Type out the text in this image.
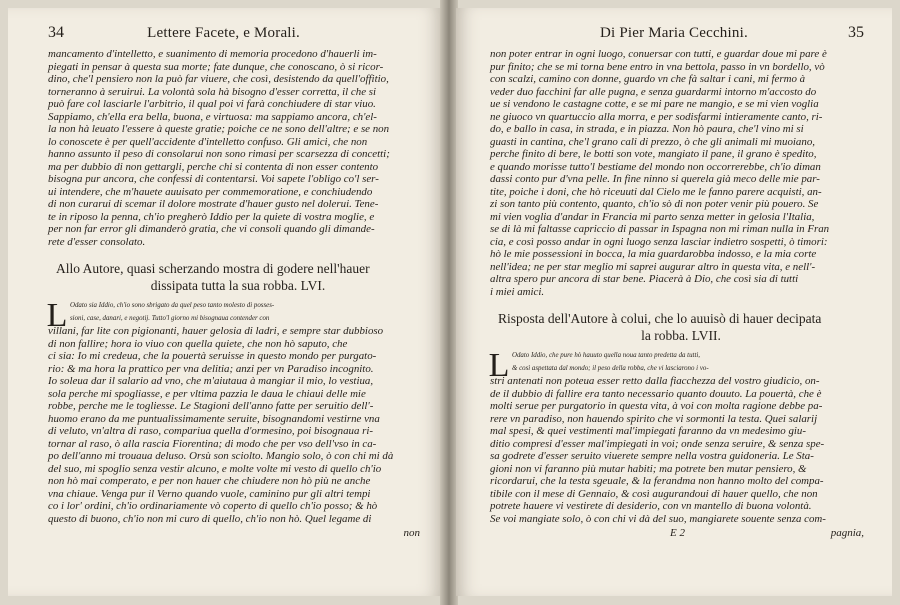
34	Lettere Facete, e Morali.

mancamento d'intelletto, e suanimento di memoria procedono d'hauerli im-

piegati in pensar à questa sua morte; fate dunque, che conoscano, ò si ricor-

dino, che'l pensiero non la può far viuere, che così, desistendo da quell'offitio,

torneranno à seruirui. La volontà sola hà bisogno d'esser corretta, il che si

può fare col lasciarle l'arbitrio, il qual poi vi farà conchiudere di star viuo.

Sappiamo, ch'ella era bella, buona, e virtuosa: ma sappiamo ancora, ch'el-

la non hà leuato l'essere à queste gratie; poiche ce ne sono dell'altre; e se non

lo conoscete è per quell'accidente d'intelletto confuso. Gli amici, che non

hanno assunto il peso di consolarui non sono rimasi per scarsezza di concetti;

ma per dubbio di non gettargli, perche chi si contenta di non esser contento

bisogna pur ancora, che confessi di contentarsi. Voi sapete l'obligo co'l ser-

ui intendere, che m'hauete auuisato per commemoratione, e conchiudendo

di non curarui di scemar il dolore mostrate d'hauer gusto nel dolerui. Tene-

te in riposo la penna, ch'io pregherò Iddio per la quiete di vostra moglie, e

per non far error gli dimanderò gratia, che vi consoli quando gli dimande-

rete d'esser consolato.

Allo Autore, quasi scherzando mostra di godere nell'hauer

dissipata tutta la sua robba. LVI.

L Odato sia Iddio, ch'io sono sbrigato da quel peso tanto molesto di posses-

sioni, case, danari, e negotij. Tutto'l giorno mi bisognaua contender con

villani, far lite con pigionanti, hauer gelosia di ladri, e sempre star dubbioso

di non fallire; hora io viuo con quella quiete, che non hò saputo, che

ci sia: Io mi credeua, che la pouertà seruisse in questo mondo per purgato-

rio: & ma hora la prattico per vna delitia; anzi per vn Paradiso incognito.

Io soleua dar il salario ad vno, che m'aiutaua à mangiar il mio, lo vestiua,

sola perche mi spogliasse, e per vltima pazzia le daua le chiaui delle mie

robbe, perche me le togliesse. Le Stagioni dell'anno fatte per seruitio dell'-

huomo erano da me puntualissimamente seruite, bisognandomi vestirne vna

di veluto, vn'altra di raso, compariua quella d'ormesino, poi bisognaua ri-

tornar al raso, ò alla rascia Fiorentina; di modo che per vso dell'vso in ca-

po dell'anno mi trouaua deluso. Orsù son sciolto. Mangio solo, ò con chi mi dà

del suo, mi spoglio senza vestir alcuno, e molte volte mi vesto di quello ch'io

non hò mai comperato, e per non hauer che chiudere non hò più ne anche

vna chiaue. Venga pur il Verno quando vuole, caminino pur gli altri tempi

co i lor' ordini, ch'io ordinariamente vò coperto di quello ch'io posso; & hò

questo di buono, ch'io non mi curo di quello, ch'io non hò. Quel legame di

non
Di Pier Maria Cecchini.	35

non poter entrar in ogni luogo, conuersar con tutti, e guardar doue mi pare è

pur finito; che se mi torna bene entro in vna bettola, passo in vn bordello, vò

con scalzi, camino con donne, guardo vn che fà saltar i cani, mi fermo à

veder duo facchini far alle pugna, e senza guardarmi intorno m'accosto do

ue si vendono le castagne cotte, e se mi pare ne mangio, e se mi vien voglia

ne giuoco vn quartuccio alla morra, e per sodisfarmi intieramente canto, ri-

do, e ballo in casa, in strada, e in piazza. Non hò paura, che'l vino mi si

guasti in cantina, che'l grano cali di prezzo, ò che gli animali mi muoiano,

perche finito di bere, le botti son vote, mangiato il pane, il grano è spedito,

e quando morisse tutto'l bestiame del mondo non occorrerebbe, ch'io diman

dassi conto pur d'vna pelle. In fine ninno si querela già meco delle mie par-

tite, poiche i doni, che hò riceuuti dal Cielo me le fanno parere acquisti, an-

zi son tanto più contento, quanto, ch'io sò di non poter venir più pouero. Se

mi vien voglia d'andar in Francia mi parto senza metter in gelosia l'Italia,

se di là mi faltasse capriccio di passar in Ispagna non mi riman nulla in Fran

cia, e così posso andar in ogni luogo senza lasciar indietro sospetti, ò timori:

hò le mie possessioni in bocca, la mia guardarobba indosso, e la mia corte

nell'idea; ne per star meglio mi saprei augurar altro in questa vita, e nell'-

altra spero pur ancora di star bene. Piacerà à Dio, che così sia di tutti

i miei amici.

Risposta dell'Autore à colui, che lo auuisò di hauer decipata

la robba. LVII.

L Odato Iddio, che pure hò hauuto quella noua tanto predetta da tutti,

& così aspettata dal mondo; il peso della robba, che vi lasciarono i vo-

stri antenati non poteua esser retto dalla fiacchezza del vostro giudicio, on-

de il dubbio di fallire era tanto necessario quanto douuto. La pouertà, che è

molti serue per purgatorio in questa vita, à voi con molta ragione debbe pa-

rere vn paradiso, non hauendo spirito che vi sormonti la testa. Quei salarij

mal spesi, & quei vestimenti mal'impiegati faranno da vn medesimo giu-

ditio compresi d'esser mal'impiegati in voi; onde senza seruire, & senza spe-

sa godrete d'esser seruito viuerete sempre nella vostra guidoneria. Le Sta-

gioni non vi faranno più mutar habiti; ma potrete ben mutar pensiero, &

ricordarui, che la testa sgeuale, & la ferandma non hanno molto del compa-

tibile con il mese di Gennaio, & così augurandoui di hauer quello, che non

potrete hauere vi vestirete di desiderio, con vn mantello di buona volontà.

Se voi mangiate solo, ò con chi vi dà del suo, mangiarete souente senza com-

E 2	pagnia,
